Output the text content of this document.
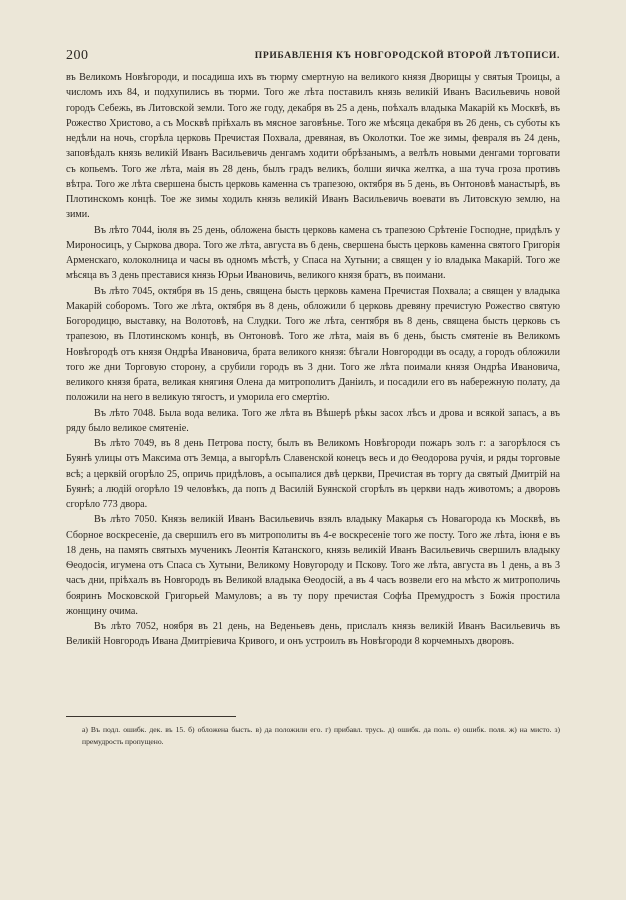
200	ПРИБАВЛЕНІЯ КЪ НОВГОРОДСКОЙ ВТОРОЙ ЛѢТОПИСИ.

въ Великомъ Новѣгороди, и посадиша ихъ въ тюрму смертную на великого князя Дворищы у святыя Троицы, а числомъ ихъ 84, и подхупились въ тюрми. Того же лѣта поставилъ князь великій Иванъ Васильевичь новой городъ Себежь, въ Литовской земли. Того же году, декабря въ 25 а день, поѣхалъ владыка Макарій къ Москвѣ, въ Рожество Христово, а съ Москвѣ пріѣхалъ въ мясное заговѣнье. Того же мѣсяца декабря въ 26 день, съ суботы къ недѣли на ночь, сгорѣла церковь Пречистая Похвала, древяная, въ Околотки. Тое же зимы, февраля въ 24 день, заповѣдалъ князь великій Иванъ Васильевичь денгамъ ходити обрѣзанымъ, а велѣлъ новыми денгами торговати съ копьемъ. Того же лѣта, маія въ 28 день, былъ градъ великъ, болши яичка желтка, а ша туча гроза противъ вѣтра. Того же лѣта свершена бысть церковь каменна съ трапезою, октября въ 5 день, въ Онтоновѣ манастырѣ, въ Плотинскомъ концѣ. Тое же зимы ходилъ князь великій Иванъ Васильевичь воевати въ Литовскую землю, на зими.

Въ лѣто 7044, іюля въ 25 день, обложена бысть церковь камена съ трапезою Срѣтеніе Господне, придѣлъ у Мироносицъ, у Сыркова двора. Того же лѣта, августа въ 6 день, свершена бысть церковь каменна святого Григорія Арменскаго, колоколница и часы въ одномъ мѣстѣ, у Спаса на Хутыни; а священ у іо владыка Макарій. Того же мѣсяца въ 3 день преставися князь Юрьи Ивановичь, великого князя братъ, въ поимани.

Въ лѣто 7045, октября въ 15 день, священа бысть церковь камена Пречистая Похвала; а священ у владыка Макарій соборомъ. Того же лѣта, октября въ 8 день, обложили б церковь древяну пречистую Рожество святую Богородицю, выставку, на Волотовѣ, на Слудки. Того же лѣта, сентября въ 8 день, священа бысть церковь съ трапезою, въ Плотинскомъ концѣ, въ Онтоновѣ. Того же лѣта, маія въ 6 день, бысть смятеніе въ Великомъ Новѣгородѣ отъ князя Ондрѣа Ивановича, брата великого князя: бѣгали Новгородци въ осаду, а городъ обложили того же дни Торговую сторону, а срубили городъ въ 3 дни. Того же лѣта поимали князя Ондрѣа Ивановича, великого князя брата, великая княгиня Олена да митрополитъ Даніилъ, и посадили его въ набережную полату, да положили на него в великую тягостъ, и уморила его смертію.

Въ лѣто 7048. Была вода велика. Того же лѣта въ Вѣшерѣ рѣкы засох лѣсъ и дрова и всякой запасъ, а въ ряду было великое смятеніе.

Въ лѣто 7049, въ 8 день Петрова посту, былъ въ Великомъ Новѣгороди пожаръ золъ г: а загорѣлося съ Буянѣ улицы отъ Максима отъ Земца, а выгорѣлъ Славенской конецъ весь и до Ѳеодорова ручія, и ряды торговые всѣ; а церквій огорѣло 25, опричь придѣловъ, а осыпалися двѣ церкви, Пречистая въ торгу да святый Дмитрій на Буянѣ; а людій огорѣло 19 человѣкъ, да попъ д Василій Буянской сгорѣлъ въ церкви надъ животомъ; а дворовъ сгорѣло 773 двора.

Въ лѣто 7050. Князь великій Иванъ Васильевичь взялъ владыку Макарья съ Новагорода къ Москвѣ, въ Сборное воскресеніе, да свершилъ его въ митрополиты въ 4-е воскресеніе того же посту. Того же лѣта, іюня е въ 18 день, на память святыхъ мученикъ Леонтія Катанского, князь великій Иванъ Васильевичь свершилъ владыку Ѳеодосія, игумена отъ Спаса съ Хутыни, Великому Новугороду и Пскову. Того же лѣта, августа въ 1 день, а въ 3 часъ дни, пріѣхалъ въ Новгородъ въ Великой владыка Ѳеодосій, а въ 4 часъ возвели его на мѣсто ж митрополичь бояринъ Московской Григорьей Мамуловъ; а въ ту пору пречистая Софѣа Премудростъ з Божія простила жонщину очима.

Въ лѣто 7052, ноября въ 21 день, на Веденьевъ день, прислалъ князь великій Иванъ Васильевичь въ Великій Новгородъ Ивана Дмитріевича Кривого, и онъ устроилъ въ Новѣгороди 8 корчемныхъ дворовъ.

а) Въ подл. ошибк. дек. въ 15. б) обложена бысть. в) да положили его. г) прибавл. трусь. д) ошибк. да поль. е) ошибк. поля. ж) на мисто. з) премудрость пропущено.
